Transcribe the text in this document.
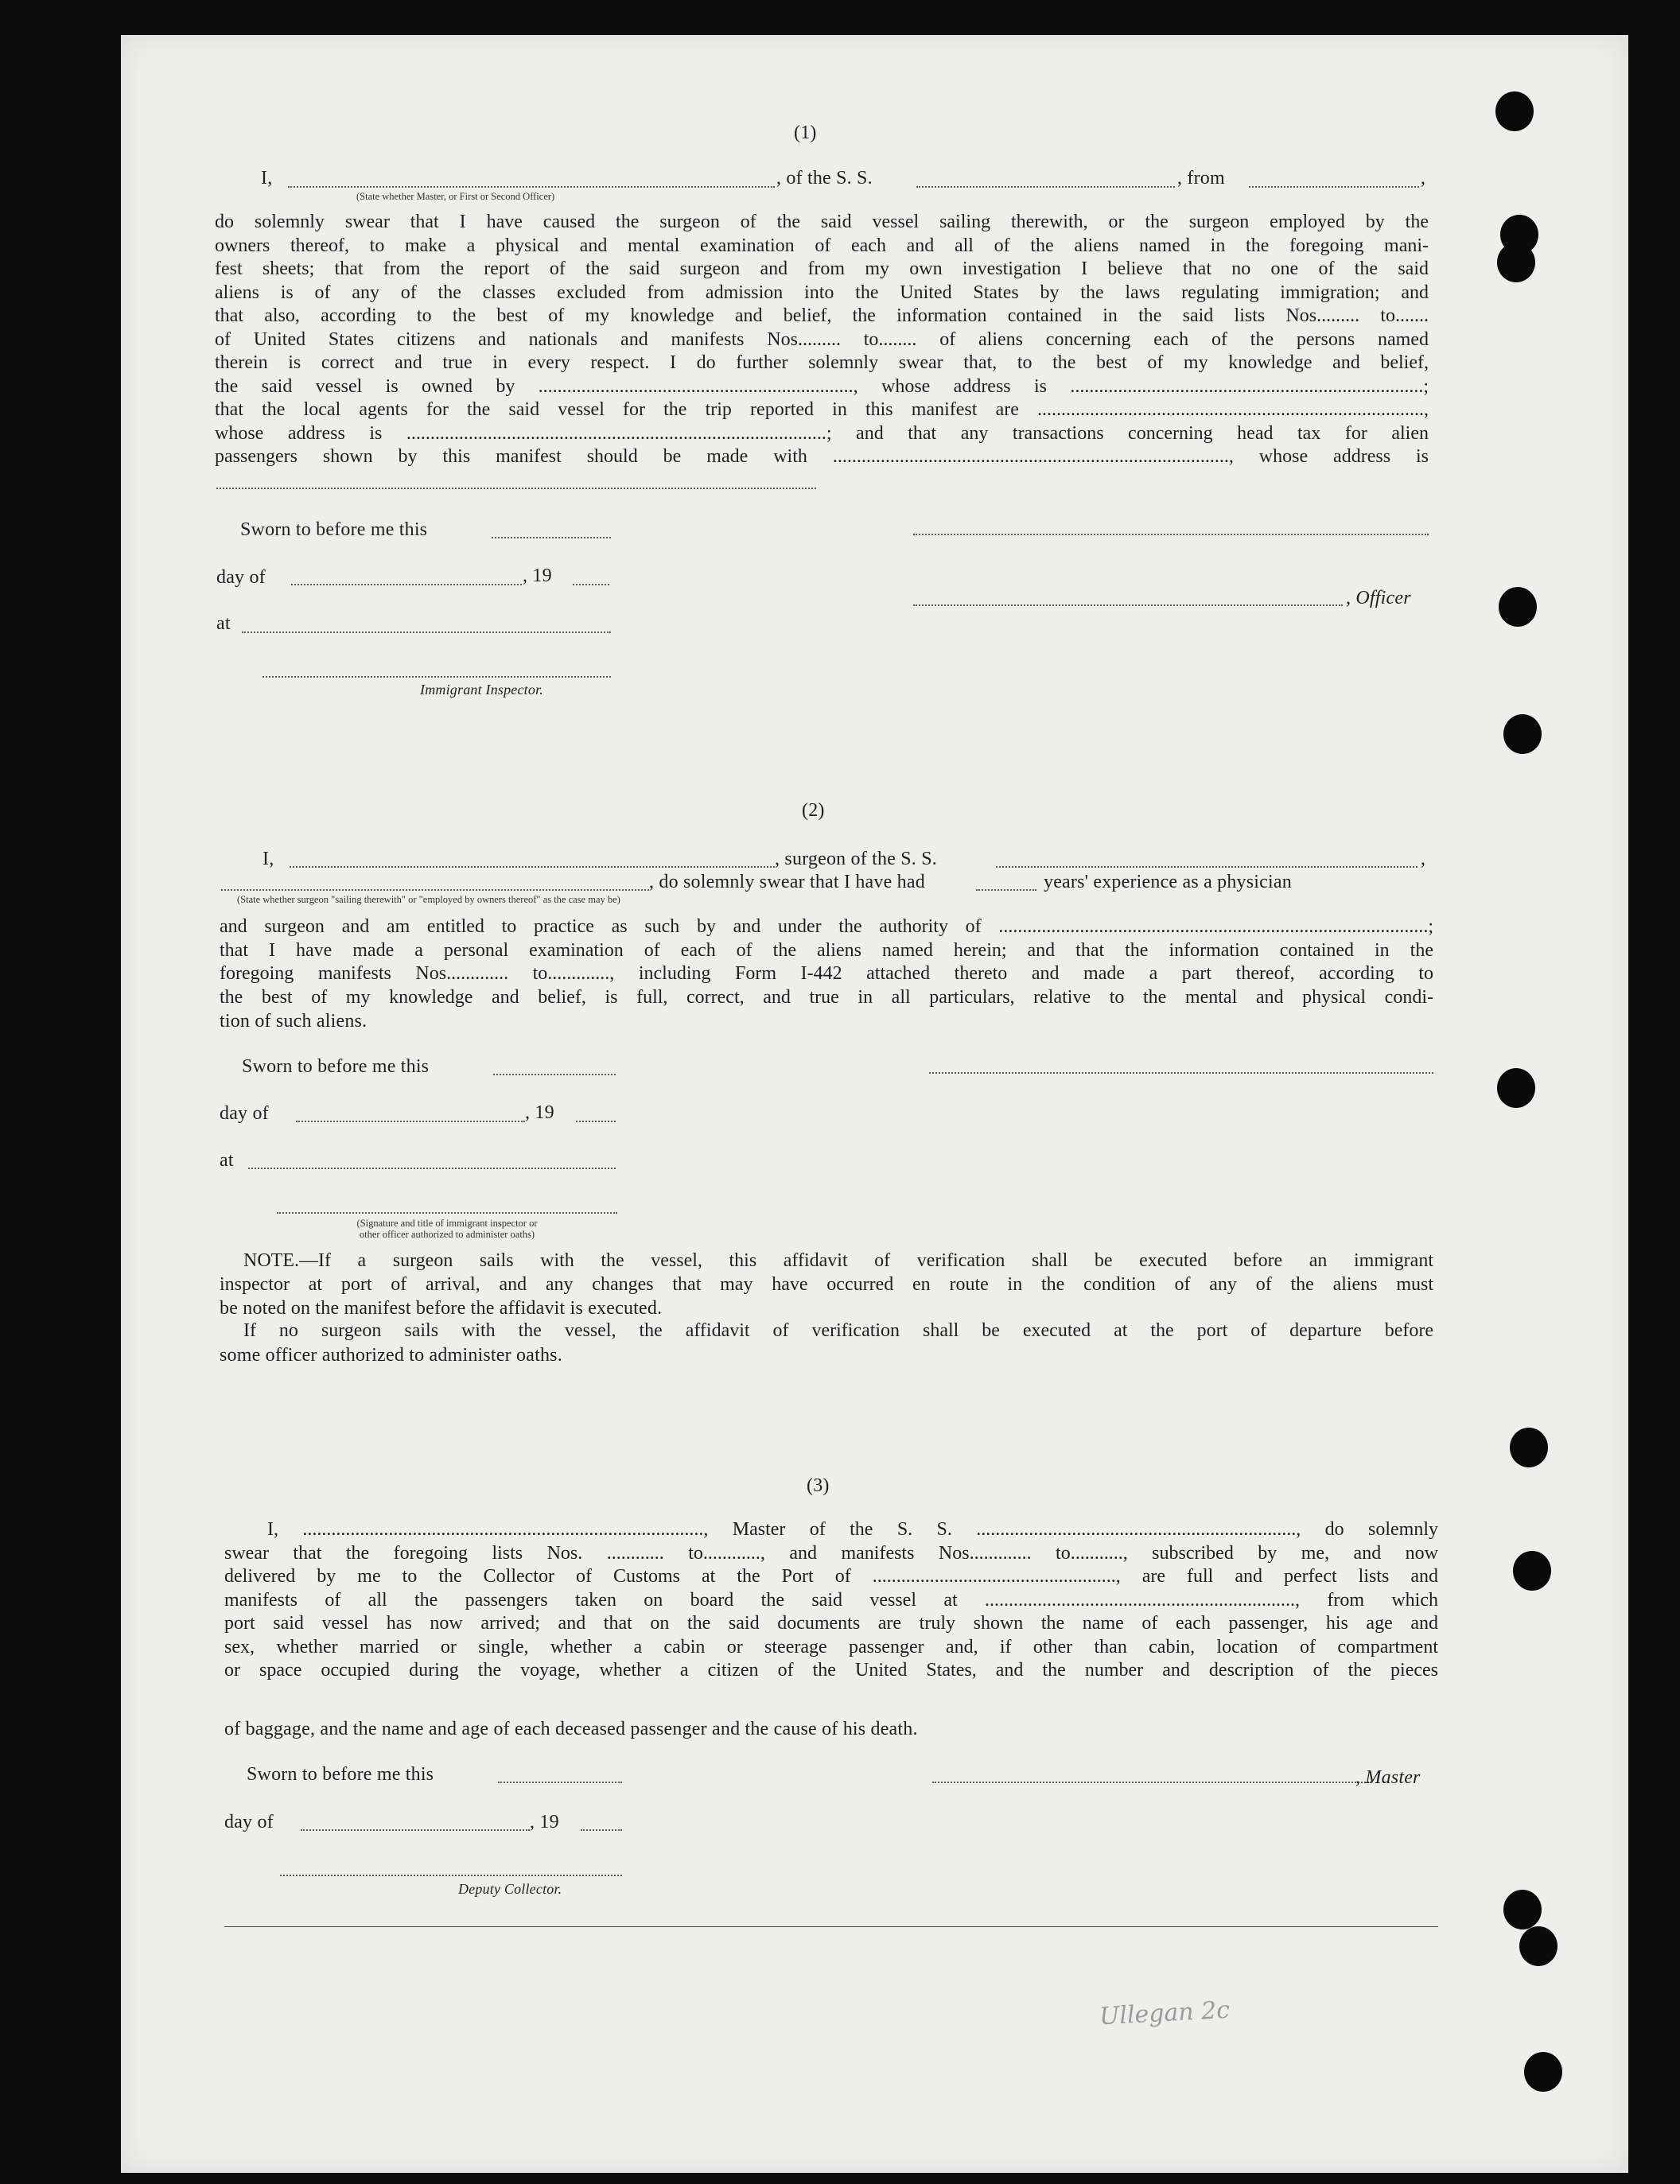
(1)
I,	, of the S. S.	, from	,
(State whether Master, or First or Second Officer)
do solemnly swear that I have caused the surgeon of the said vessel sailing therewith, or the surgeon employed by the
owners thereof, to make a physical and mental examination of each and all of the aliens named in the foregoing mani-
fest sheets; that from the report of the said surgeon and from my own investigation I believe that no one of the said
aliens is of any of the classes excluded from admission into the United States by the laws regulating immigration; and
that also, according to the best of my knowledge and belief, the information contained in the said lists Nos......... to.......
of United States citizens and nationals and manifests Nos......... to........ of aliens concerning each of the persons named
therein is correct and true in every respect. I do further solemnly swear that, to the best of my knowledge and belief,
the said vessel is owned by .................................................................., whose address is ..........................................................................;
that the local agents for the said vessel for the trip reported in this manifest are .................................................................................,
whose address is ........................................................................................; and that any transactions concerning head tax for alien
passengers shown by this manifest should be made with ..................................................................................., whose address is
Sworn to before me this
day of	, 19
, Officer
at
Immigrant Inspector.
(2)
I,	, surgeon of the S. S.	,
, do solemnly swear that I have had	years' experience as a physician
(State whether surgeon "sailing therewith" or "employed by owners thereof" as the case may be)
and surgeon and am entitled to practice as such by and under the authority of ..........................................................................................;
that I have made a personal examination of each of the aliens named herein; and that the information contained in the
foregoing manifests Nos............. to............., including Form I-442 attached thereto and made a part thereof, according to
the best of my knowledge and belief, is full, correct, and true in all particulars, relative to the mental and physical condi-
tion of such aliens.
Sworn to before me this
day of	, 19
at
(Signature and title of immigrant inspector or
other officer authorized to administer oaths)
NOTE.—If a surgeon sails with the vessel, this affidavit of verification shall be executed before an immigrant
inspector at port of arrival, and any changes that may have occurred en route in the condition of any of the aliens must
be noted on the manifest before the affidavit is executed.
If no surgeon sails with the vessel, the affidavit of verification shall be executed at the port of departure before
some officer authorized to administer oaths.
(3)
I, ...................................................................................., Master of the S. S. ..................................................................., do solemnly
swear that the foregoing lists Nos. ............ to............, and manifests Nos............. to..........., subscribed by me, and now
delivered by me to the Collector of Customs at the Port of ..................................................., are full and perfect lists and
manifests of all the passengers taken on board the said vessel at ................................................................., from which
port said vessel has now arrived; and that on the said documents are truly shown the name of each passenger, his age and
sex, whether married or single, whether a cabin or steerage passenger and, if other than cabin, location of compartment
or space occupied during the voyage, whether a citizen of the United States, and the number and description of the pieces
of baggage, and the name and age of each deceased passenger and the cause of his death.
Sworn to before me this	, Master
day of	, 19
Deputy Collector.
Ullegan 2c
